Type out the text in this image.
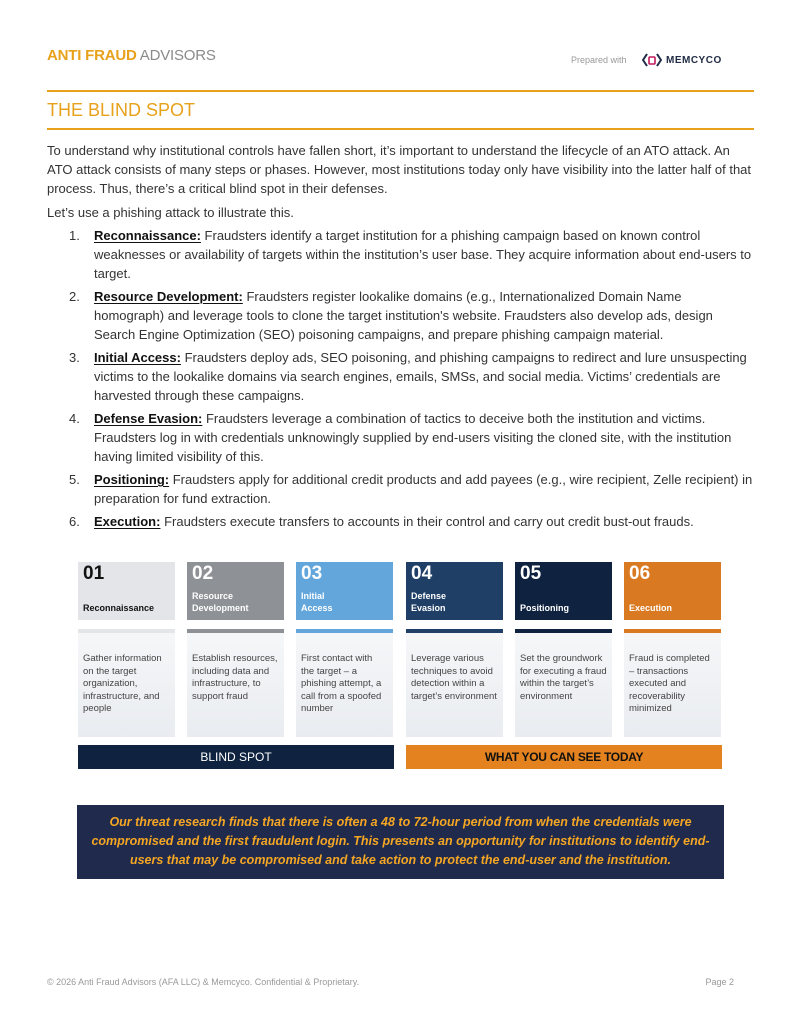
ANTI FRAUD ADVISORS	Prepared with	MEMCYCO
THE BLIND SPOT
To understand why institutional controls have fallen short, it’s important to understand the lifecycle of an ATO attack. An ATO attack consists of many steps or phases. However, most institutions today only have visibility into the latter half of that process. Thus, there’s a critical blind spot in their defenses.
Let’s use a phishing attack to illustrate this.
1. Reconnaissance: Fraudsters identify a target institution for a phishing campaign based on known control weaknesses or availability of targets within the institution’s user base. They acquire information about end-users to target.
2. Resource Development: Fraudsters register lookalike domains (e.g., Internationalized Domain Name homograph) and leverage tools to clone the target institution's website. Fraudsters also develop ads, design Search Engine Optimization (SEO) poisoning campaigns, and prepare phishing campaign material.
3. Initial Access: Fraudsters deploy ads, SEO poisoning, and phishing campaigns to redirect and lure unsuspecting victims to the lookalike domains via search engines, emails, SMSs, and social media. Victims’ credentials are harvested through these campaigns.
4. Defense Evasion: Fraudsters leverage a combination of tactics to deceive both the institution and victims. Fraudsters log in with credentials unknowingly supplied by end-users visiting the cloned site, with the institution having limited visibility of this.
5. Positioning: Fraudsters apply for additional credit products and add payees (e.g., wire recipient, Zelle recipient) in preparation for fund extraction.
6. Execution: Fraudsters execute transfers to accounts in their control and carry out credit bust-out frauds.
01
Reconnaissance
Gather information on the target organization, infrastructure, and people
02
Resource Development
Establish resources, including data and infrastructure, to support fraud
03
Initial Access
First contact with the target – a phishing attempt, a call from a spoofed number
04
Defense Evasion
Leverage various techniques to avoid detection within a target’s environment
05
Positioning
Set the groundwork for executing a fraud within the target’s environment
06
Execution
Fraud is completed – transactions executed and recoverability minimized
BLIND SPOT	WHAT YOU CAN SEE TODAY
Our threat research finds that there is often a 48 to 72-hour period from when the credentials were compromised and the first fraudulent login. This presents an opportunity for institutions to identify end-users that may be compromised and take action to protect the end-user and the institution.
© 2026 Anti Fraud Advisors (AFA LLC) & Memcyco. Confidential & Proprietary.	Page 2
